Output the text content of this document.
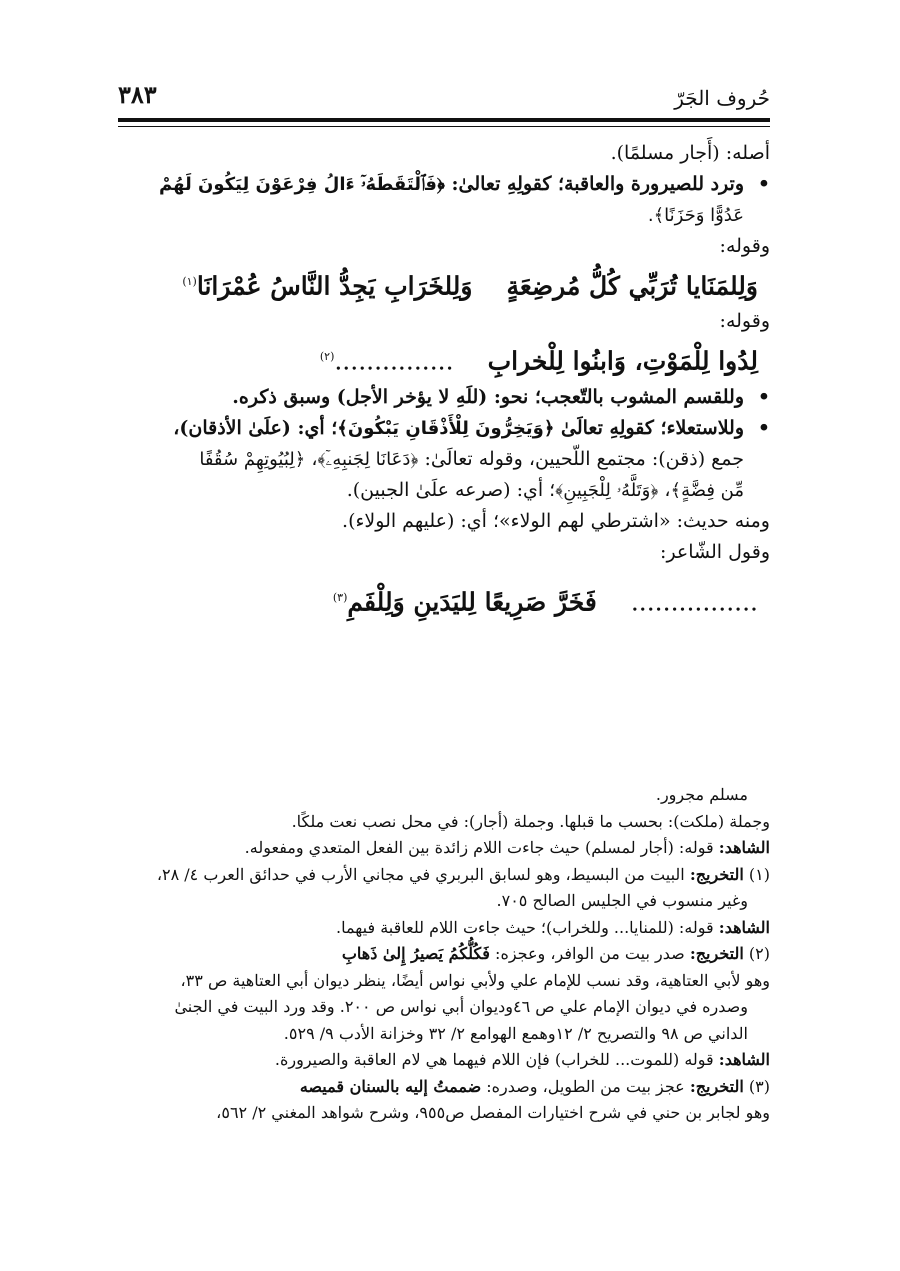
حُروف الجَرّ
٣٨٣
أصله: (أَجار مسلمًا).
• وترد للصيرورة والعاقبة؛ كقولِهِ تعالىٰ: ﴿فَٱلْتَقَطَهُۥٓ ءَالُ فِرْعَوْنَ لِيَكُونَ لَهُمْ
عَدُوًّا وَحَزَنًا﴾.
وقوله:
وَلِلمَنَايا تُرَبِّي كُلُّ مُرضِعَةٍوَلِلخَرَابِ يَجِدُّ النَّاسُ عُمْرَانَا$^{(١)}$
وقوله:
لِدُوا لِلْمَوْتِ، وَابنُوا لِلْخرابِ...............$^{(٢)}$
• وللقسم المشوب بالتّعجب؛ نحو: (للَهِ لا يؤخر الأجل) وسبق ذكره.
• وللاستعلاء؛ كقولِهِ تعالَىٰ ﴿وَيَخِرُّونَ لِلْأَذْقَانِ يَبْكُونَ﴾؛ أي: (علَىٰ الأذقان)،
جمع (ذقن): مجتمع اللّحيين، وقوله تعالَىٰ: ﴿دَعَانَا لِجَنبِهِۦٓ﴾، ﴿لِبُيُوتِهِمْ سُقُفًا
مِّن فِضَّةٍ﴾، ﴿وَتَلَّهُۥ لِلْجَبِينِ﴾؛ أي: (صرعه علَىٰ الجبين).
ومنه حديث: «اشترطي لهم الولاء»؛ أي: (عليهم الولاء).
وقول الشّاعر:
................فَخَرَّ صَرِيعًا لِليَدَينِ وَلِلْفَمِ$^{(٣)}$
مسلم مجرور.
وجملة (ملكت): بحسب ما قبلها. وجملة (أجار): في محل نصب نعت ملكًا.
الشاهد: قوله: (أجار لمسلم) حيث جاءت اللام زائدة بين الفعل المتعدي ومفعوله.
(١) التخريج: البيت من البسيط، وهو لسابق البربري في مجاني الأرب في حدائق العرب ٤/ ٢٨،
وغير منسوب في الجليس الصالح ٧٠٥.
الشاهد: قوله: (للمنايا... وللخراب)؛ حيث جاءت اللام للعاقبة فيهما.
(٢) التخريج: صدر بيت من الوافر، وعجزه: فَكُلُّكُمُ يَصيرُ إِلىٰ ذَهابِ
وهو لأبي العتاهية، وقد نسب للإمام علي ولأبي نواس أيضًا، ينظر ديوان أبي العتاهية ص ٣٣،
وصدره في ديوان الإمام علي ص ٤٦وديوان أبي نواس ص ٢٠٠. وقد ورد البيت في الجنىٰ
الداني ص ٩٨ والتصريح ٢/ ١٢وهمع الهوامع ٢/ ٣٢ وخزانة الأدب ٩/ ٥٢٩.
الشاهد: قوله (للموت... للخراب) فإن اللام فيهما هي لام العاقبة والصيرورة.
(٣) التخريج: عجز بيت من الطويل، وصدره: ضممتُ إليه بالسنان قميصه
وهو لجابر بن حني في شرح اختيارات المفصل ص٩٥٥، وشرح شواهد المغني ٢/ ٥٦٢،
